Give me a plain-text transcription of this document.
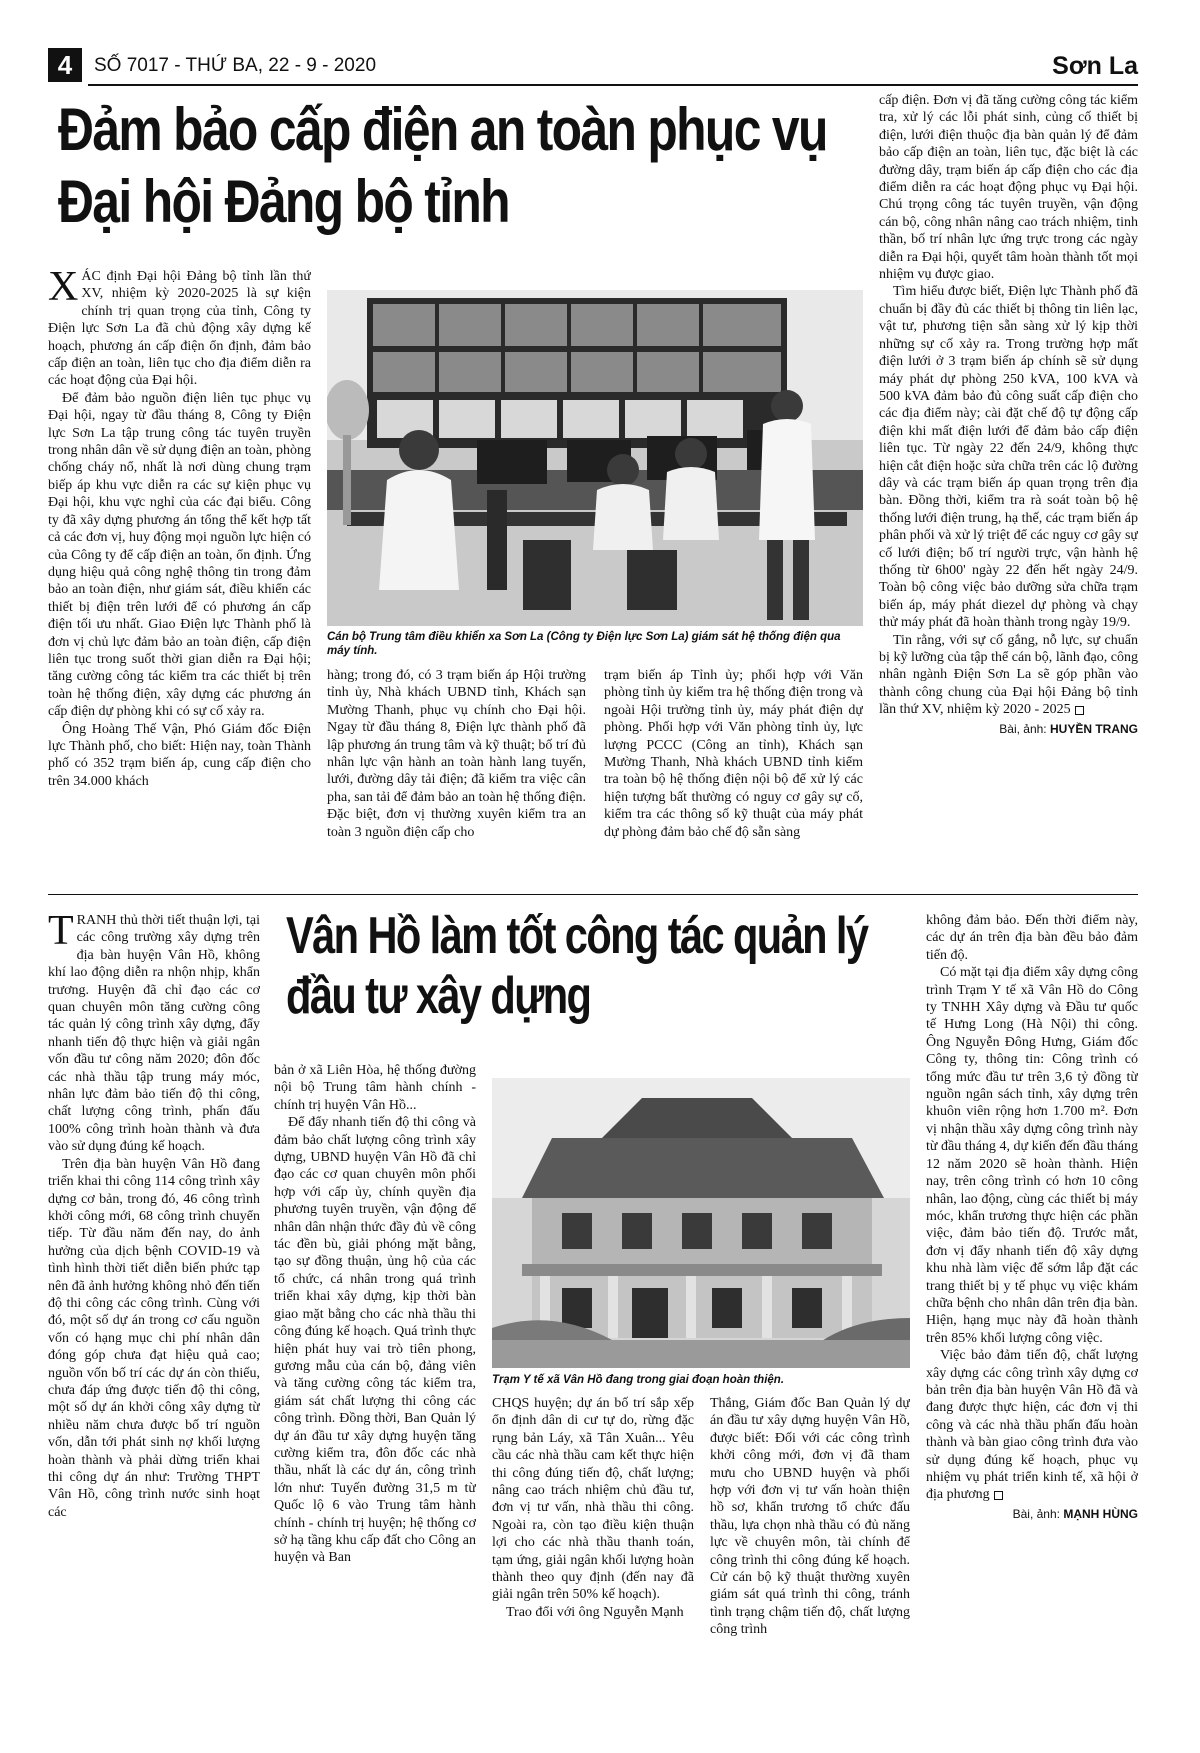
4	SỐ 7017 - THỨ BA, 22 - 9 - 2020	Sơn La
Đảm bảo cấp điện an toàn phục vụ
Đại hội Đảng bộ tỉnh

XÁC định Đại hội Đảng bộ tỉnh lần thứ XV, nhiệm kỳ 2020-2025 là sự kiện chính trị quan trọng của tỉnh, Công ty Điện lực Sơn La đã chủ động xây dựng kế hoạch, phương án cấp điện ổn định, đảm bảo cấp điện an toàn, liên tục cho địa điểm diễn ra các hoạt động của Đại hội.

Để đảm bảo nguồn điện liên tục phục vụ Đại hội, ngay từ đầu tháng 8, Công ty Điện lực Sơn La tập trung công tác tuyên truyền trong nhân dân về sử dụng điện an toàn, phòng chống cháy nổ, nhất là nơi dùng chung trạm biếp áp khu vực diễn ra các sự kiện phục vụ Đại hội, khu vực nghỉ của các đại biểu. Công ty đã xây dựng phương án tổng thể kết hợp tất cả các đơn vị, huy động mọi nguồn lực hiện có của Công ty để cấp điện an toàn, ổn định. Ứng dụng hiệu quả công nghệ thông tin trong đảm bảo an toàn điện, như giám sát, điều khiển các thiết bị điện trên lưới để có phương án cấp điện tối ưu nhất. Giao Điện lực Thành phố là đơn vị chủ lực đảm bảo an toàn điện, cấp điện liên tục trong suốt thời gian diễn ra Đại hội; tăng cường công tác kiểm tra các thiết bị trên toàn hệ thống điện, xây dựng các phương án cấp điện dự phòng khi có sự cố xảy ra.

Ông Hoàng Thế Vận, Phó Giám đốc Điện lực Thành phố, cho biết: Hiện nay, toàn Thành phố có 352 trạm biến áp, cung cấp điện cho trên 34.000 khách

Cán bộ Trung tâm điều khiển xa Sơn La (Công ty Điện lực Sơn La) giám sát hệ thống điện qua máy tính.

hàng; trong đó, có 3 trạm biến áp Hội trường tỉnh ủy, Nhà khách UBND tỉnh, Khách sạn Mường Thanh, phục vụ chính cho Đại hội. Ngay từ đầu tháng 8, Điện lực thành phố đã lập phương án trung tâm và kỹ thuật; bố trí đủ nhân lực vận hành an toàn hành lang tuyến, lưới, đường dây tải điện; đã kiểm tra việc cân pha, san tải để đảm bảo an toàn hệ thống điện. Đặc biệt, đơn vị thường xuyên kiểm tra an toàn 3 nguồn điện cấp cho

trạm biến áp Tỉnh ủy; phối hợp với Văn phòng tỉnh ủy kiểm tra hệ thống điện trong và ngoài Hội trường tỉnh ủy, máy phát điện dự phòng. Phối hợp với Văn phòng tỉnh ủy, lực lượng PCCC (Công an tỉnh), Khách sạn Mường Thanh, Nhà khách UBND tỉnh kiểm tra toàn bộ hệ thống điện nội bộ để xử lý các hiện tượng bất thường có nguy cơ gây sự cố, kiểm tra các thông số kỹ thuật của máy phát dự phòng đảm bảo chế độ sẵn sàng

cấp điện. Đơn vị đã tăng cường công tác kiểm tra, xử lý các lỗi phát sinh, củng cố thiết bị điện, lưới điện thuộc địa bàn quản lý để đảm bảo cấp điện an toàn, liên tục, đặc biệt là các đường dây, trạm biến áp cấp điện cho các địa điểm diễn ra các hoạt động phục vụ Đại hội. Chú trọng công tác tuyên truyền, vận động cán bộ, công nhân nâng cao trách nhiệm, tinh thần, bố trí nhân lực ứng trực trong các ngày diễn ra Đại hội, quyết tâm hoàn thành tốt mọi nhiệm vụ được giao.

Tìm hiểu được biết, Điện lực Thành phố đã chuẩn bị đầy đủ các thiết bị thông tin liên lạc, vật tư, phương tiện sẵn sàng xử lý kịp thời những sự cố xảy ra. Trong trường hợp mất điện lưới ở 3 trạm biến áp chính sẽ sử dụng máy phát dự phòng 250 kVA, 100 kVA và 500 kVA đảm bảo đủ công suất cấp điện cho các địa điểm này; cài đặt chế độ tự động cấp điện khi mất điện lưới để đảm bảo cấp điện liên tục. Từ ngày 22 đến 24/9, không thực hiện cắt điện hoặc sửa chữa trên các lộ đường dây và các trạm biến áp quan trọng trên địa bàn. Đồng thời, kiểm tra rà soát toàn bộ hệ thống lưới điện trung, hạ thế, các trạm biến áp phân phối và xử lý triệt để các nguy cơ gây sự cố lưới điện; bố trí người trực, vận hành hệ thống từ 6h00' ngày 22 đến hết ngày 24/9. Toàn bộ công việc bảo dưỡng sửa chữa trạm biến áp, máy phát diezel dự phòng và chạy thử máy phát đã hoàn thành trong ngày 19/9.

Tin rằng, với sự cố gắng, nỗ lực, sự chuẩn bị kỹ lưỡng của tập thể cán bộ, lãnh đạo, công nhân ngành Điện Sơn La sẽ góp phần vào thành công chung của Đại hội Đảng bộ tỉnh lần thứ XV, nhiệm kỳ 2020 - 2025

Bài, ảnh: HUYỀN TRANG

TRANH thủ thời tiết thuận lợi, tại các công trường xây dựng trên địa bàn huyện Vân Hồ, không khí lao động diễn ra nhộn nhịp, khẩn trương. Huyện đã chỉ đạo các cơ quan chuyên môn tăng cường công tác quản lý công trình xây dựng, đẩy nhanh tiến độ thực hiện và giải ngân vốn đầu tư công năm 2020; đôn đốc các nhà thầu tập trung máy móc, nhân lực đảm bảo tiến độ thi công, chất lượng công trình, phấn đấu 100% công trình hoàn thành và đưa vào sử dụng đúng kế hoạch.

Trên địa bàn huyện Vân Hồ đang triển khai thi công 114 công trình xây dựng cơ bản, trong đó, 46 công trình khởi công mới, 68 công trình chuyển tiếp. Từ đầu năm đến nay, do ảnh hưởng của dịch bệnh COVID-19 và tình hình thời tiết diễn biến phức tạp nên đã ảnh hưởng không nhỏ đến tiến độ thi công các công trình. Cùng với đó, một số dự án trong cơ cấu nguồn vốn có hạng mục chi phí nhân dân đóng góp chưa đạt hiệu quả cao; nguồn vốn bố trí các dự án còn thiếu, chưa đáp ứng được tiến độ thi công, một số dự án khởi công xây dựng từ nhiều năm chưa được bố trí nguồn vốn, dẫn tới phát sinh nợ khối lượng hoàn thành và phải dừng triển khai thi công dự án như: Trường THPT Vân Hồ, công trình nước sinh hoạt các

Vân Hồ làm tốt công tác quản lý
đầu tư xây dựng

bản ở xã Liên Hòa, hệ thống đường nội bộ Trung tâm hành chính - chính trị huyện Vân Hồ...

Để đẩy nhanh tiến độ thi công và đảm bảo chất lượng công trình xây dựng, UBND huyện Vân Hồ đã chỉ đạo các cơ quan chuyên môn phối hợp với cấp ủy, chính quyền địa phương tuyên truyền, vận động để nhân dân nhận thức đầy đủ về công tác đền bù, giải phóng mặt bằng, tạo sự đồng thuận, ủng hộ của các tổ chức, cá nhân trong quá trình triển khai xây dựng, kịp thời bàn giao mặt bằng cho các nhà thầu thi công đúng kế hoạch. Quá trình thực hiện phát huy vai trò tiên phong, gương mẫu của cán bộ, đảng viên và tăng cường công tác kiểm tra, giám sát chất lượng thi công các công trình. Đồng thời, Ban Quản lý dự án đầu tư xây dựng huyện tăng cường kiểm tra, đôn đốc các nhà thầu, nhất là các dự án, công trình lớn như: Tuyến đường 31,5 m từ Quốc lộ 6 vào Trung tâm hành chính - chính trị huyện; hệ thống cơ sở hạ tầng khu cấp đất cho Công an huyện và Ban

Trạm Y tế xã Vân Hồ đang trong giai đoạn hoàn thiện.

CHQS huyện; dự án bố trí sắp xếp ổn định dân di cư tự do, rừng đặc rụng bản Láy, xã Tân Xuân... Yêu cầu các nhà thầu cam kết thực hiện thi công đúng tiến độ, chất lượng; nâng cao trách nhiệm chủ đầu tư, đơn vị tư vấn, nhà thầu thi công. Ngoài ra, còn tạo điều kiện thuận lợi cho các nhà thầu thanh toán, tạm ứng, giải ngân khối lượng hoàn thành theo quy định (đến nay đã giải ngân trên 50% kế hoạch).

Trao đổi với ông Nguyễn Mạnh

Thắng, Giám đốc Ban Quản lý dự án đầu tư xây dựng huyện Vân Hồ, được biết: Đối với các công trình khởi công mới, đơn vị đã tham mưu cho UBND huyện và phối hợp với đơn vị tư vấn hoàn thiện hồ sơ, khẩn trương tổ chức đấu thầu, lựa chọn nhà thầu có đủ năng lực về chuyên môn, tài chính để công trình thi công đúng kế hoạch. Cử cán bộ kỹ thuật thường xuyên giám sát quá trình thi công, tránh tình trạng chậm tiến độ, chất lượng công trình

không đảm bảo. Đến thời điểm này, các dự án trên địa bàn đều bảo đảm tiến độ.

Có mặt tại địa điểm xây dựng công trình Trạm Y tế xã Vân Hồ do Công ty TNHH Xây dựng và Đầu tư quốc tế Hưng Long (Hà Nội) thi công. Ông Nguyễn Đông Hưng, Giám đốc Công ty, thông tin: Công trình có tổng mức đầu tư trên 3,6 tỷ đồng từ nguồn ngân sách tỉnh, xây dựng trên khuôn viên rộng hơn 1.700 m². Đơn vị nhận thầu xây dựng công trình này từ đầu tháng 4, dự kiến đến đầu tháng 12 năm 2020 sẽ hoàn thành. Hiện nay, trên công trình có hơn 10 công nhân, lao động, cùng các thiết bị máy móc, khẩn trương thực hiện các phần việc, đảm bảo tiến độ. Trước mắt, đơn vị đẩy nhanh tiến độ xây dựng khu nhà làm việc để sớm lắp đặt các trang thiết bị y tế phục vụ việc khám chữa bệnh cho nhân dân trên địa bàn. Hiện, hạng mục này đã hoàn thành trên 85% khối lượng công việc.

Việc bảo đảm tiến độ, chất lượng xây dựng các công trình xây dựng cơ bản trên địa bàn huyện Vân Hồ đã và đang được thực hiện, các đơn vị thi công và các nhà thầu phấn đấu hoàn thành và bàn giao công trình đưa vào sử dụng đúng kế hoạch, phục vụ nhiệm vụ phát triển kinh tế, xã hội ở địa phương

Bài, ảnh: MẠNH HÙNG
